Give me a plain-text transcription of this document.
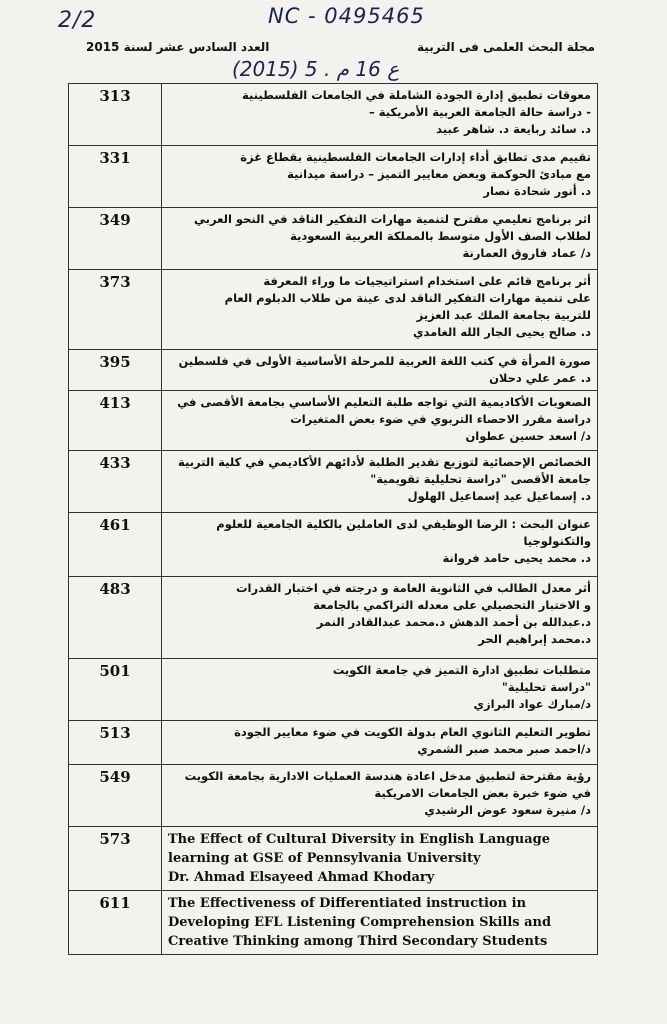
2/2	NC - 0495465
(2015) 5 . ع 16 م
العدد السادس عشر لسنة 2015	مجلة البحث العلمى فى التربية
313	معوقات تطبيق إدارة الجودة الشاملة في الجامعات الفلسطينية
- دراسة حالة الجامعة العربية الأمريكية –
د. سائد ربايعة د. شاهر عبيد

331	تقييم مدى تطابق أداء إدارات الجامعات الفلسطينية بقطاع غزة
مع مبادئ الحوكمة وبعض معايير التميز – دراسة ميدانية
د. أنور شحادة نصار

349	اثر برنامج تعليمي مقترح لتنمية مهارات التفكير الناقد في النحو العربي
لطلاب الصف الأول متوسط بالمملكة العربية السعودية
د/ عماد فاروق العمارنة

373	أثر برنامج قائم على استخدام استراتيجيات ما وراء المعرفة
على تنمية مهارات التفكير الناقد لدى عينة من طلاب الدبلوم العام
للتربية بجامعة الملك عبد العزيز
د. صالح يحيى الجار الله الغامدي

395	صورة المرأة في كتب اللغة العربية للمرحلة الأساسية الأولى في فلسطين
د. عمر علي دحلان

413	الصعوبات الأكاديمية التي تواجه طلبة التعليم الأساسي بجامعة الأقصى في
دراسة مقرر الاحصاء التربوي في ضوء بعض المتغيرات
د/ اسعد حسين عطوان

433	الخصائص الإحصائية لتوزيع تقدير الطلبة لأدائهم الأكاديمي في كلية التربية
جامعة الأقصى "دراسة تحليلية تقويمية"
د. إسماعيل عيد إسماعيل الهلول

461	عنوان البحث : الرضا الوظيفي لدى العاملين بالكلية الجامعية للعلوم
والتكنولوجيا
د. محمد يحيى حامد فروانة

483	أثر معدل الطالب في الثانوية العامة و درجته في اختبار القدرات
و الاختبار التحصيلي على معدله التراكمي بالجامعة
د.عبدالله بن أحمد الدهش د.محمد عبدالقادر النمر
د.محمد إبراهيم الحر

501	متطلبات تطبيق ادارة التميز في جامعة الكويت
"دراسة تحليلية"
د/مبارك عواد البرازي

513	تطوير التعليم الثانوي العام بدولة الكويت في ضوء معايير الجودة
د/احمد صبر محمد صبر الشمري

549	رؤية مقترحة لتطبيق مدخل اعادة هندسة العمليات الادارية بجامعة الكويت
في ضوء خبرة بعض الجامعات الامريكية
د/ منيرة سعود عوض الرشيدي

573	The Effect of Cultural Diversity in English Language
learning at GSE of Pennsylvania University
Dr. Ahmad Elsayeed Ahmad Khodary

611	The Effectiveness of Differentiated instruction in
Developing EFL Listening Comprehension Skills and
Creative Thinking among Third Secondary Students
